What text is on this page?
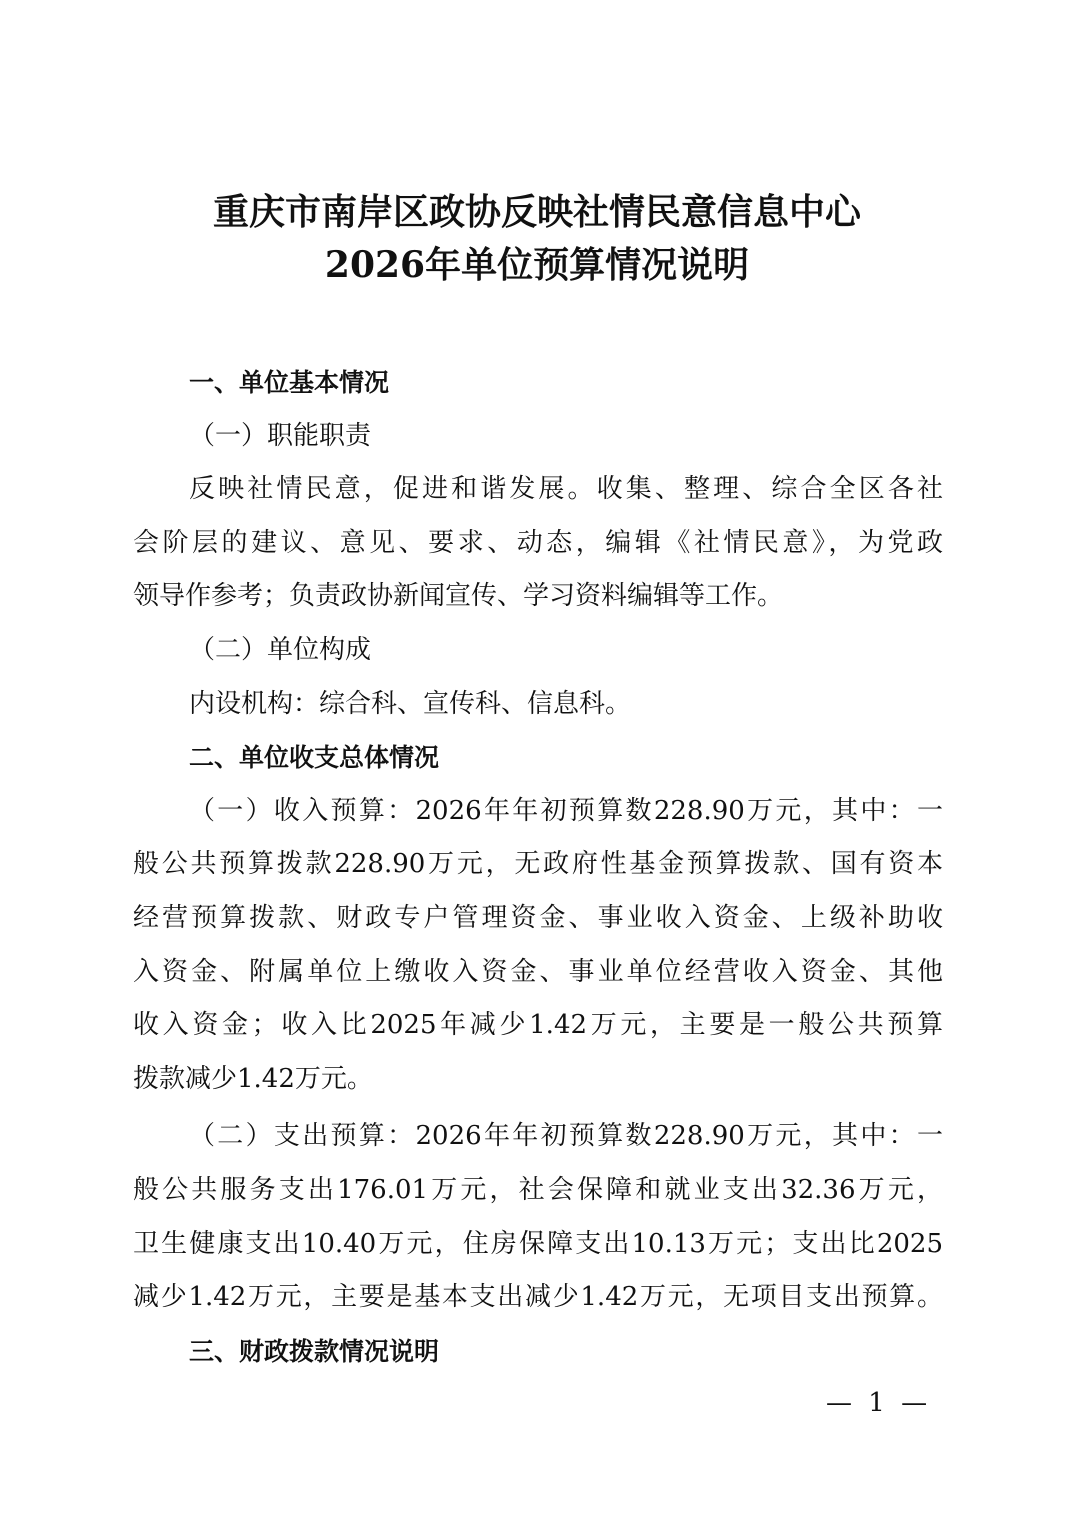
重庆市南岸区政协反映社情民意信息中心
2026年单位预算情况说明
一、单位基本情况
（一）职能职责
反映社情民意，促进和谐发展。收集、整理、综合全区各社
会阶层的建议、意见、要求、动态，编辑《社情民意》，为党政
领导作参考；负责政协新闻宣传、学习资料编辑等工作。
（二）单位构成
内设机构：综合科、宣传科、信息科。
二、单位收支总体情况
（一）收入预算：2026年年初预算数228.90万元，其中：一
般公共预算拨款228.90万元，无政府性基金预算拨款、国有资本
经营预算拨款、财政专户管理资金、事业收入资金、上级补助收
入资金、附属单位上缴收入资金、事业单位经营收入资金、其他
收入资金；收入比2025年减少1.42万元，主要是一般公共预算
拨款减少1.42万元。
（二）支出预算：2026年年初预算数228.90万元，其中：一
般公共服务支出176.01万元，社会保障和就业支出32.36万元，
卫生健康支出10.40万元，住房保障支出10.13万元；支出比2025
减少1.42万元，主要是基本支出减少1.42万元，无项目支出预算。
三、财政拨款情况说明
— 1 —
